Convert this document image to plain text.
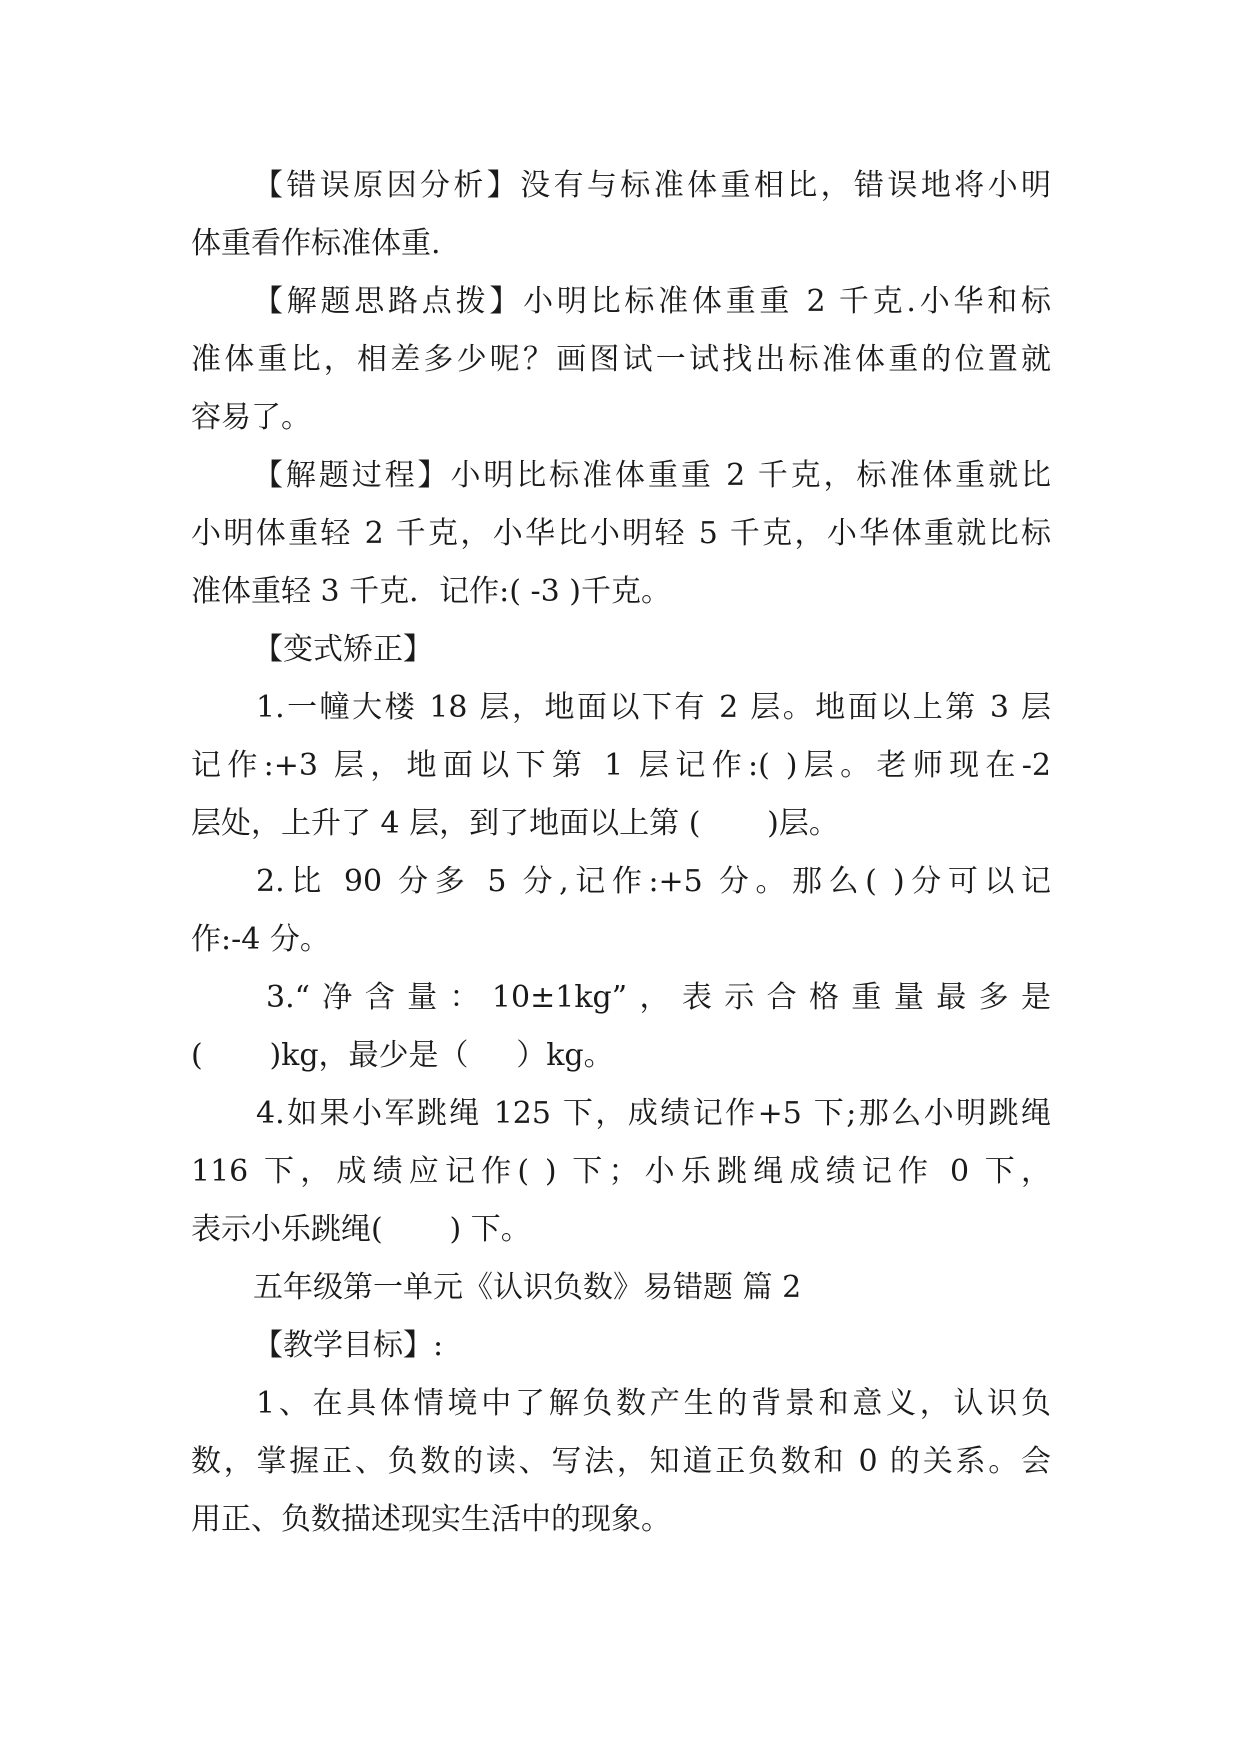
【错误原因分析】没有与标准体重相比，错误地将小明
体重看作标准体重.
【解题思路点拨】小明比标准体重重 2 千克.小华和标
准体重比，相差多少呢？画图试一试找出标准体重的位置就
容易了。
【解题过程】小明比标准体重重 2 千克，标准体重就比
小明体重轻 2 千克，小华比小明轻 5 千克，小华体重就比标
准体重轻 3 千克．记作:( -3 )千克。
【变式矫正】
1.一幢大楼 18 层，地面以下有 2 层。地面以上第 3 层
记作:+3 层，地面以下第 1 层记作:( )层。老师现在-2
层处，上升了 4 层，到了地面以上第 (       )层。
2.比 90 分多 5 分,记作:+5 分。那么( )分可以记
作:-4 分。
3.“净含量：10±1kg”，表示合格重量最多是
(       )kg，最少是（     ）kg。
4.如果小军跳绳 125 下，成绩记作+5 下;那么小明跳绳
116 下，成绩应记作( ) 下；小乐跳绳成绩记作 0 下，
表示小乐跳绳(       ) 下。
五年级第一单元《认识负数》易错题 篇 2
【教学目标】:
1、在具体情境中了解负数产生的背景和意义，认识负
数，掌握正、负数的读、写法，知道正负数和 0 的关系。会
用正、负数描述现实生活中的现象。
